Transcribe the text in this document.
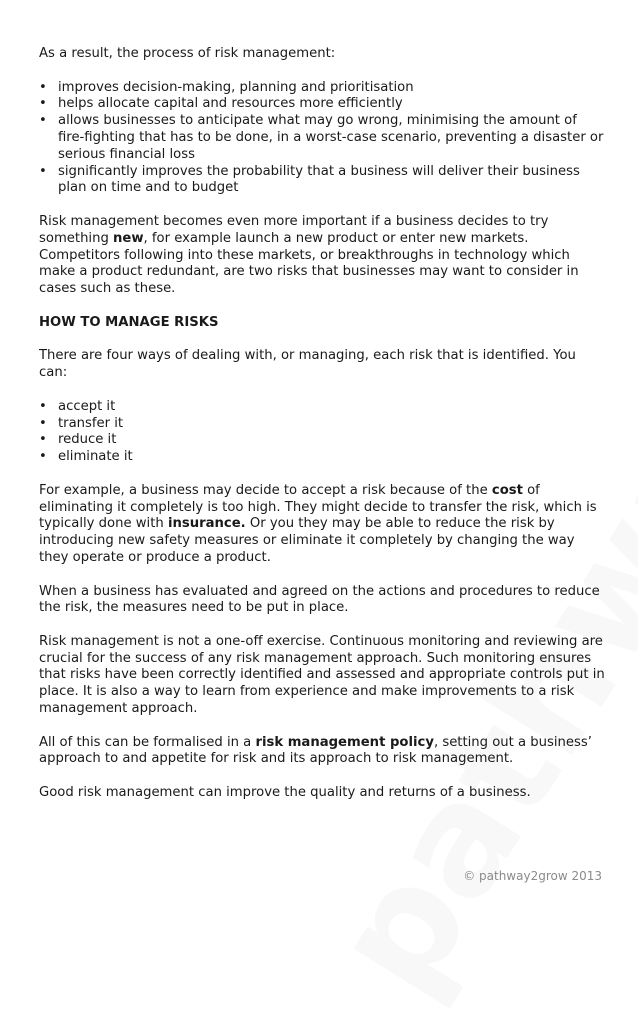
As a result, the process of risk management:

• improves decision-making, planning and prioritisation
• helps allocate capital and resources more efficiently
• allows businesses to anticipate what may go wrong, minimising the amount of fire-fighting that has to be done, in a worst-case scenario, preventing a disaster or serious financial loss
• significantly improves the probability that a business will deliver their business plan on time and to budget

Risk management becomes even more important if a business decides to try something new, for example launch a new product or enter new markets. Competitors following into these markets, or breakthroughs in technology which make a product redundant, are two risks that businesses may want to consider in cases such as these.

HOW TO MANAGE RISKS

There are four ways of dealing with, or managing, each risk that is identified. You can:

• accept it
• transfer it
• reduce it
• eliminate it

For example, a business may decide to accept a risk because of the cost of eliminating it completely is too high. They might decide to transfer the risk, which is typically done with insurance. Or you they may be able to reduce the risk by introducing new safety measures or eliminate it completely by changing the way they operate or produce a product.

When a business has evaluated and agreed on the actions and procedures to reduce the risk, the measures need to be put in place.

Risk management is not a one-off exercise. Continuous monitoring and reviewing are crucial for the success of any risk management approach. Such monitoring ensures that risks have been correctly identified and assessed and appropriate controls put in place. It is also a way to learn from experience and make improvements to a risk management approach.

All of this can be formalised in a risk management policy, setting out a business’ approach to and appetite for risk and its approach to risk management.

Good risk management can improve the quality and returns of a business.

© pathway2grow 2013
